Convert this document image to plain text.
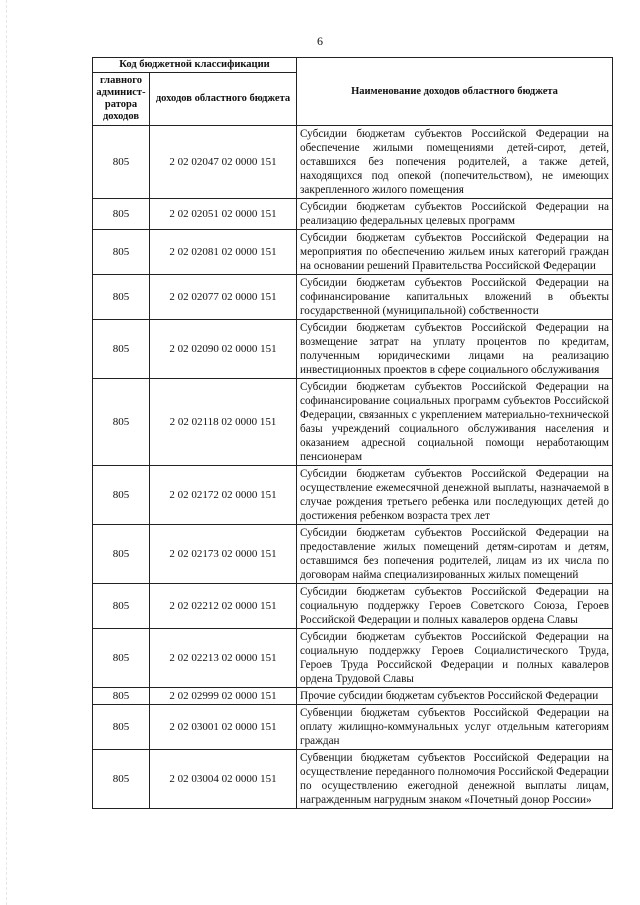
6
Код бюджетной классификации		Наименование доходов областного бюджета
главного админист-ратора доходов	доходов областного бюджета	
805	2 02 02047 02 0000 151	Субсидии бюджетам субъектов Российской Федерации на обеспечение жилыми помещениями детей-сирот, детей, оставшихся без попечения родителей, а также детей, находящихся под опекой (попечительством), не имеющих закрепленного жилого помещения
805	2 02 02051 02 0000 151	Субсидии бюджетам субъектов Российской Федерации на реализацию федеральных целевых программ
805	2 02 02081 02 0000 151	Субсидии бюджетам субъектов Российской Федерации на мероприятия по обеспечению жильем иных категорий граждан на основании решений Правительства Российской Федерации
805	2 02 02077 02 0000 151	Субсидии бюджетам субъектов Российской Федерации на софинансирование капитальных вложений в объекты государственной (муниципальной) собственности
805	2 02 02090 02 0000 151	Субсидии бюджетам субъектов Российской Федерации на возмещение затрат на уплату процентов по кредитам, полученным юридическими лицами на реализацию инвестиционных проектов в сфере социального обслуживания
805	2 02 02118 02 0000 151	Субсидии бюджетам субъектов Российской Федерации на софинансирование социальных программ субъектов Российской Федерации, связанных с укреплением материально-технической базы учреждений социального обслуживания населения и оказанием адресной социальной помощи неработающим пенсионерам
805	2 02 02172 02 0000 151	Субсидии бюджетам субъектов Российской Федерации на осуществление ежемесячной денежной выплаты, назначаемой в случае рождения третьего ребенка или последующих детей до достижения ребенком возраста трех лет
805	2 02 02173 02 0000 151	Субсидии бюджетам субъектов Российской Федерации на предоставление жилых помещений детям-сиротам и детям, оставшимся без попечения родителей, лицам из их числа по договорам найма специализированных жилых помещений
805	2 02 02212 02 0000 151	Субсидии бюджетам субъектов Российской Федерации на социальную поддержку Героев Советского Союза, Героев Российской Федерации и полных кавалеров ордена Славы
805	2 02 02213 02 0000 151	Субсидии бюджетам субъектов Российской Федерации на социальную поддержку Героев Социалистического Труда, Героев Труда Российской Федерации и полных кавалеров ордена Трудовой Славы
805	2 02 02999 02 0000 151	Прочие субсидии бюджетам субъектов Российской Федерации
805	2 02 03001 02 0000 151	Субвенции бюджетам субъектов Российской Федерации на оплату жилищно-коммунальных услуг отдельным категориям граждан
805	2 02 03004 02 0000 151	Субвенции бюджетам субъектов Российской Федерации на осуществление переданного полномочия Российской Федерации по осуществлению ежегодной денежной выплаты лицам, награжденным нагрудным знаком «Почетный донор России»
